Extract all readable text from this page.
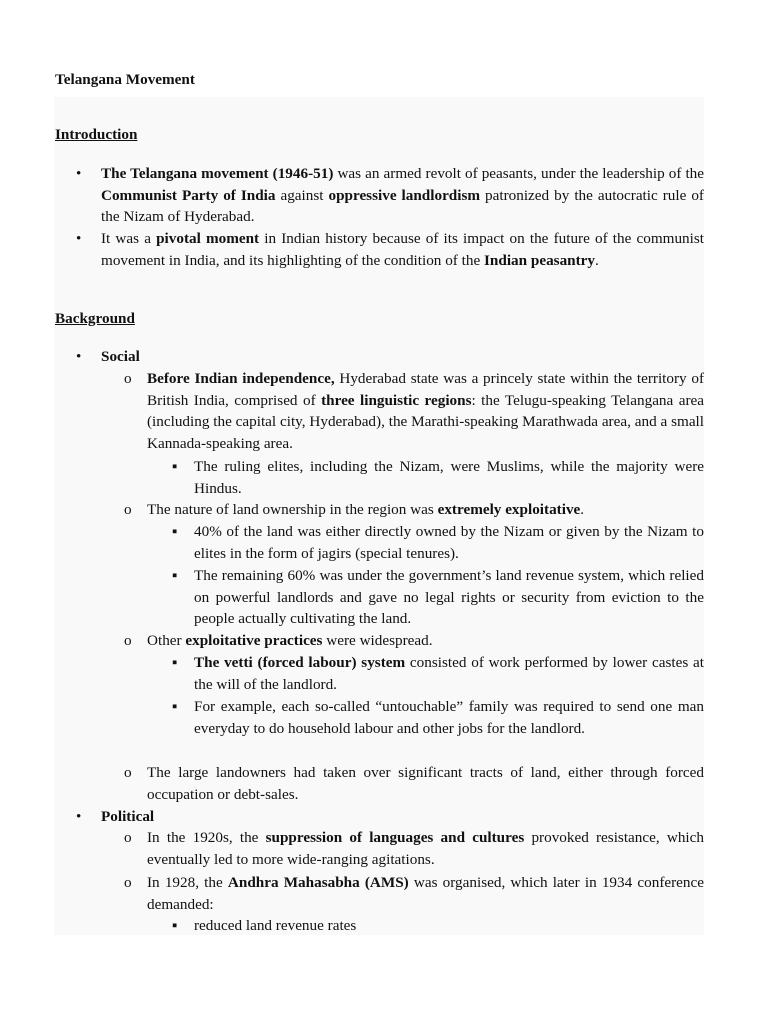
Telangana Movement
Introduction
• The Telangana movement (1946-51) was an armed revolt of peasants, under the leadership of the Communist Party of India against oppressive landlordism patronized by the autocratic rule of the Nizam of Hyderabad.
• It was a pivotal moment in Indian history because of its impact on the future of the communist movement in India, and its highlighting of the condition of the Indian peasantry.
Background
• Social
o Before Indian independence, Hyderabad state was a princely state within the territory of British India, comprised of three linguistic regions: the Telugu-speaking Telangana area (including the capital city, Hyderabad), the Marathi-speaking Marathwada area, and a small Kannada-speaking area.
▪ The ruling elites, including the Nizam, were Muslims, while the majority were Hindus.
o The nature of land ownership in the region was extremely exploitative.
▪ 40% of the land was either directly owned by the Nizam or given by the Nizam to elites in the form of jagirs (special tenures).
▪ The remaining 60% was under the government’s land revenue system, which relied on powerful landlords and gave no legal rights or security from eviction to the people actually cultivating the land.
o Other exploitative practices were widespread.
▪ The vetti (forced labour) system consisted of work performed by lower castes at the will of the landlord.
▪ For example, each so-called “untouchable” family was required to send one man everyday to do household labour and other jobs for the landlord.
o The large landowners had taken over significant tracts of land, either through forced occupation or debt-sales.
• Political
o In the 1920s, the suppression of languages and cultures provoked resistance, which eventually led to more wide-ranging agitations.
o In 1928, the Andhra Mahasabha (AMS) was organised, which later in 1934 conference demanded:
▪ reduced land revenue rates
